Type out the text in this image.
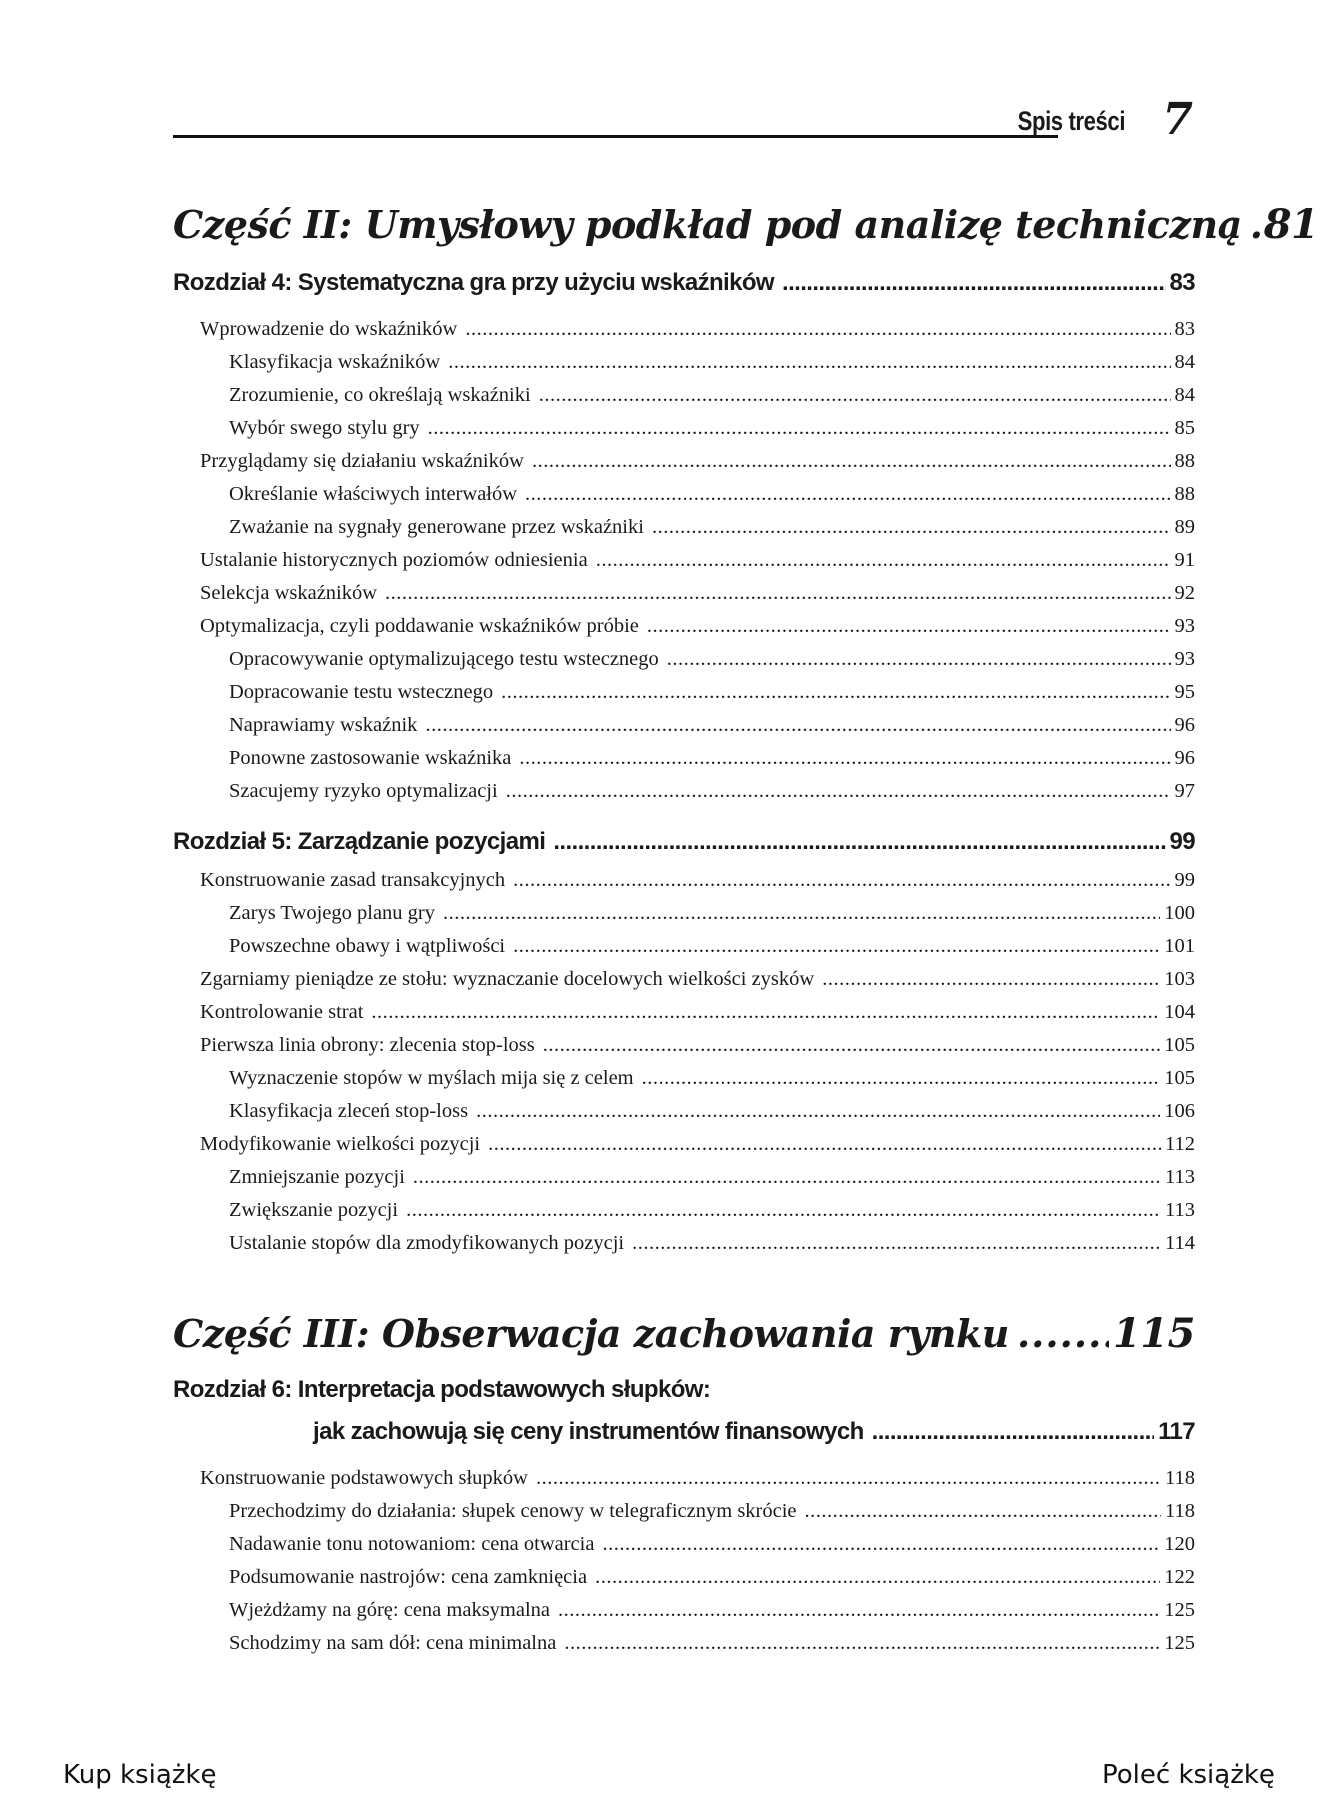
Spis treści 7
Część II: Umysłowy podkład pod analizę techniczną ..... 81
Rozdział 4: Systematyczna gra przy użyciu wskaźników .....	83
Wprowadzenie do wskaźników .....	83
Klasyfikacja wskaźników .....	84
Zrozumienie, co określają wskaźniki .....	84
Wybór swego stylu gry .....	85
Przyglądamy się działaniu wskaźników .....	88
Określanie właściwych interwałów .....	88
Zważanie na sygnały generowane przez wskaźniki .....	89
Ustalanie historycznych poziomów odniesienia .....	91
Selekcja wskaźników .....	92
Optymalizacja, czyli poddawanie wskaźników próbie .....	93
Opracowywanie optymalizującego testu wstecznego .....	93
Dopracowanie testu wstecznego .....	95
Naprawiamy wskaźnik .....	96
Ponowne zastosowanie wskaźnika .....	96
Szacujemy ryzyko optymalizacji .....	97
Rozdział 5: Zarządzanie pozycjami .....	99
Konstruowanie zasad transakcyjnych .....	99
Zarys Twojego planu gry .....	100
Powszechne obawy i wątpliwości .....	101
Zgarniamy pieniądze ze stołu: wyznaczanie docelowych wielkości zysków .....	103
Kontrolowanie strat .....	104
Pierwsza linia obrony: zlecenia stop-loss .....	105
Wyznaczenie stopów w myślach mija się z celem .....	105
Klasyfikacja zleceń stop-loss .....	106
Modyfikowanie wielkości pozycji .....	112
Zmniejszanie pozycji .....	113
Zwiększanie pozycji .....	113
Ustalanie stopów dla zmodyfikowanych pozycji .....	114
Część III: Obserwacja zachowania rynku .....	115
Rozdział 6: Interpretacja podstawowych słupków:
jak zachowują się ceny instrumentów finansowych .....	117
Konstruowanie podstawowych słupków .....	118
Przechodzimy do działania: słupek cenowy w telegraficznym skrócie .....	118
Nadawanie tonu notowaniom: cena otwarcia .....	120
Podsumowanie nastrojów: cena zamknięcia .....	122
Wjeżdżamy na górę: cena maksymalna .....	125
Schodzimy na sam dół: cena minimalna .....	125
Kup książkę	Poleć książkę
